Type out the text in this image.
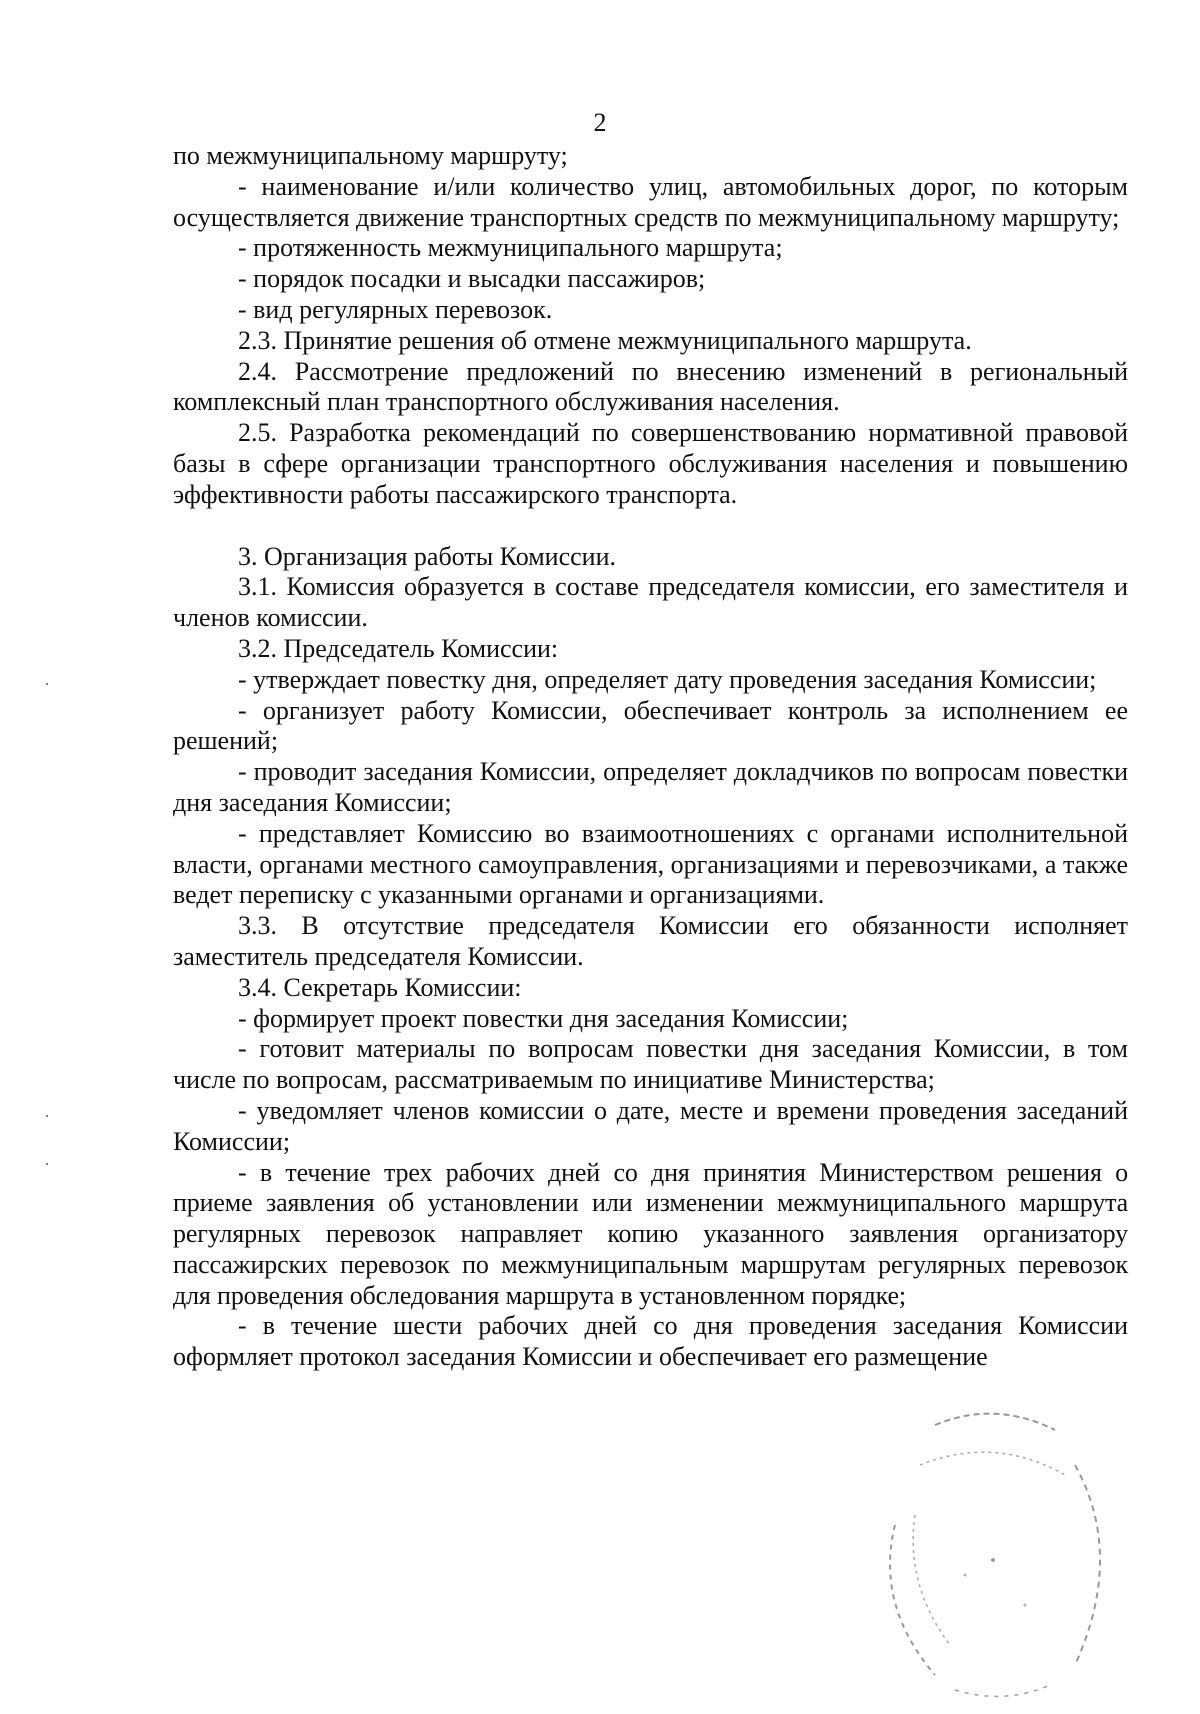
2

по межмуниципальному маршруту;

- наименование и/или количество улиц, автомобильных дорог, по которым осуществляется движение транспортных средств по межмуниципальному маршруту;

- протяженность межмуниципального маршрута;

- порядок посадки и высадки пассажиров;

- вид регулярных перевозок.

2.3. Принятие решения об отмене межмуниципального маршрута.

2.4. Рассмотрение предложений по внесению изменений в региональный комплексный план транспортного обслуживания населения.

2.5. Разработка рекомендаций по совершенствованию нормативной правовой базы в сфере организации транспортного обслуживания населения и повышению эффективности работы пассажирского транспорта.

3. Организация работы Комиссии.

3.1. Комиссия образуется в составе председателя комиссии, его заместителя и членов комиссии.

3.2. Председатель Комиссии:

- утверждает повестку дня, определяет дату проведения заседания Комиссии;

- организует работу Комиссии, обеспечивает контроль за исполнением ее решений;

- проводит заседания Комиссии, определяет докладчиков по вопросам повестки дня заседания Комиссии;

- представляет Комиссию во взаимоотношениях с органами исполнительной власти, органами местного самоуправления, организациями и перевозчиками, а также ведет переписку с указанными органами и организациями.

3.3. В отсутствие председателя Комиссии его обязанности исполняет заместитель председателя Комиссии.

3.4. Секретарь Комиссии:

- формирует проект повестки дня заседания Комиссии;

- готовит материалы по вопросам повестки дня заседания Комиссии, в том числе по вопросам, рассматриваемым по инициативе Министерства;

- уведомляет членов комиссии о дате, месте и времени проведения заседаний Комиссии;

- в течение трех рабочих дней со дня принятия Министерством решения о приеме заявления об установлении или изменении межмуниципального маршрута регулярных перевозок направляет копию указанного заявления организатору пассажирских перевозок по межмуниципальным маршрутам регулярных перевозок для проведения обследования маршрута в установленном порядке;

- в течение шести рабочих дней со дня проведения заседания Комиссии оформляет протокол заседания Комиссии и обеспечивает его размещение
